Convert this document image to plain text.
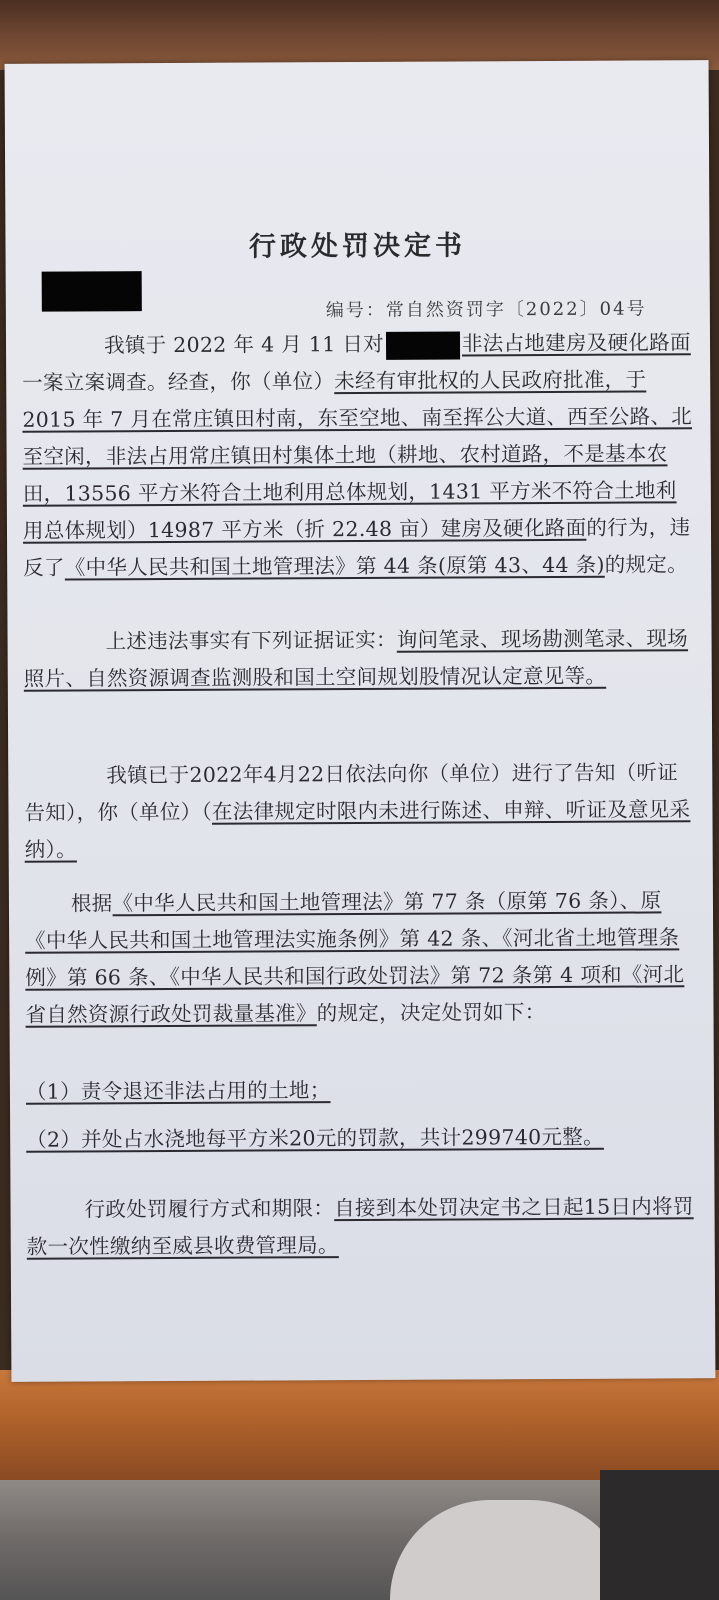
行政处罚决定书
编号：常自然资罚字〔2022〕04号
我镇于 2022 年 4 月 11 日对	非法占地建房及硬化路面一案立案调查。经查，你（单位）未经有审批权的人民政府批准，于 2015 年 7 月在常庄镇田村南，东至空地、南至挥公大道、西至公路、北至空闲，非法占用常庄镇田村集体土地（耕地、农村道路，不是基本农田，13556 平方米符合土地利用总体规划，1431 平方米不符合土地利用总体规划）14987 平方米（折 22.48 亩）建房及硬化路面的行为，违反了《中华人民共和国土地管理法》第 44 条(原第 43、44 条)的规定。
上述违法事实有下列证据证实：询问笔录、现场勘测笔录、现场照片、自然资源调查监测股和国土空间规划股情况认定意见等。
我镇已于2022年4月22日依法向你（单位）进行了告知（听证告知），你（单位）（在法律规定时限内未进行陈述、申辩、听证及意见采纳）。
根据《中华人民共和国土地管理法》第 77 条（原第 76 条）、原《中华人民共和国土地管理法实施条例》第 42 条、《河北省土地管理条例》第 66 条、《中华人民共和国行政处罚法》第 72 条第 4 项和《河北省自然资源行政处罚裁量基准》的规定，决定处罚如下：
（1）责令退还非法占用的土地；
（2）并处占水浇地每平方米20元的罚款，共计299740元整。
行政处罚履行方式和期限：自接到本处罚决定书之日起15日内将罚款一次性缴纳至威县收费管理局。
